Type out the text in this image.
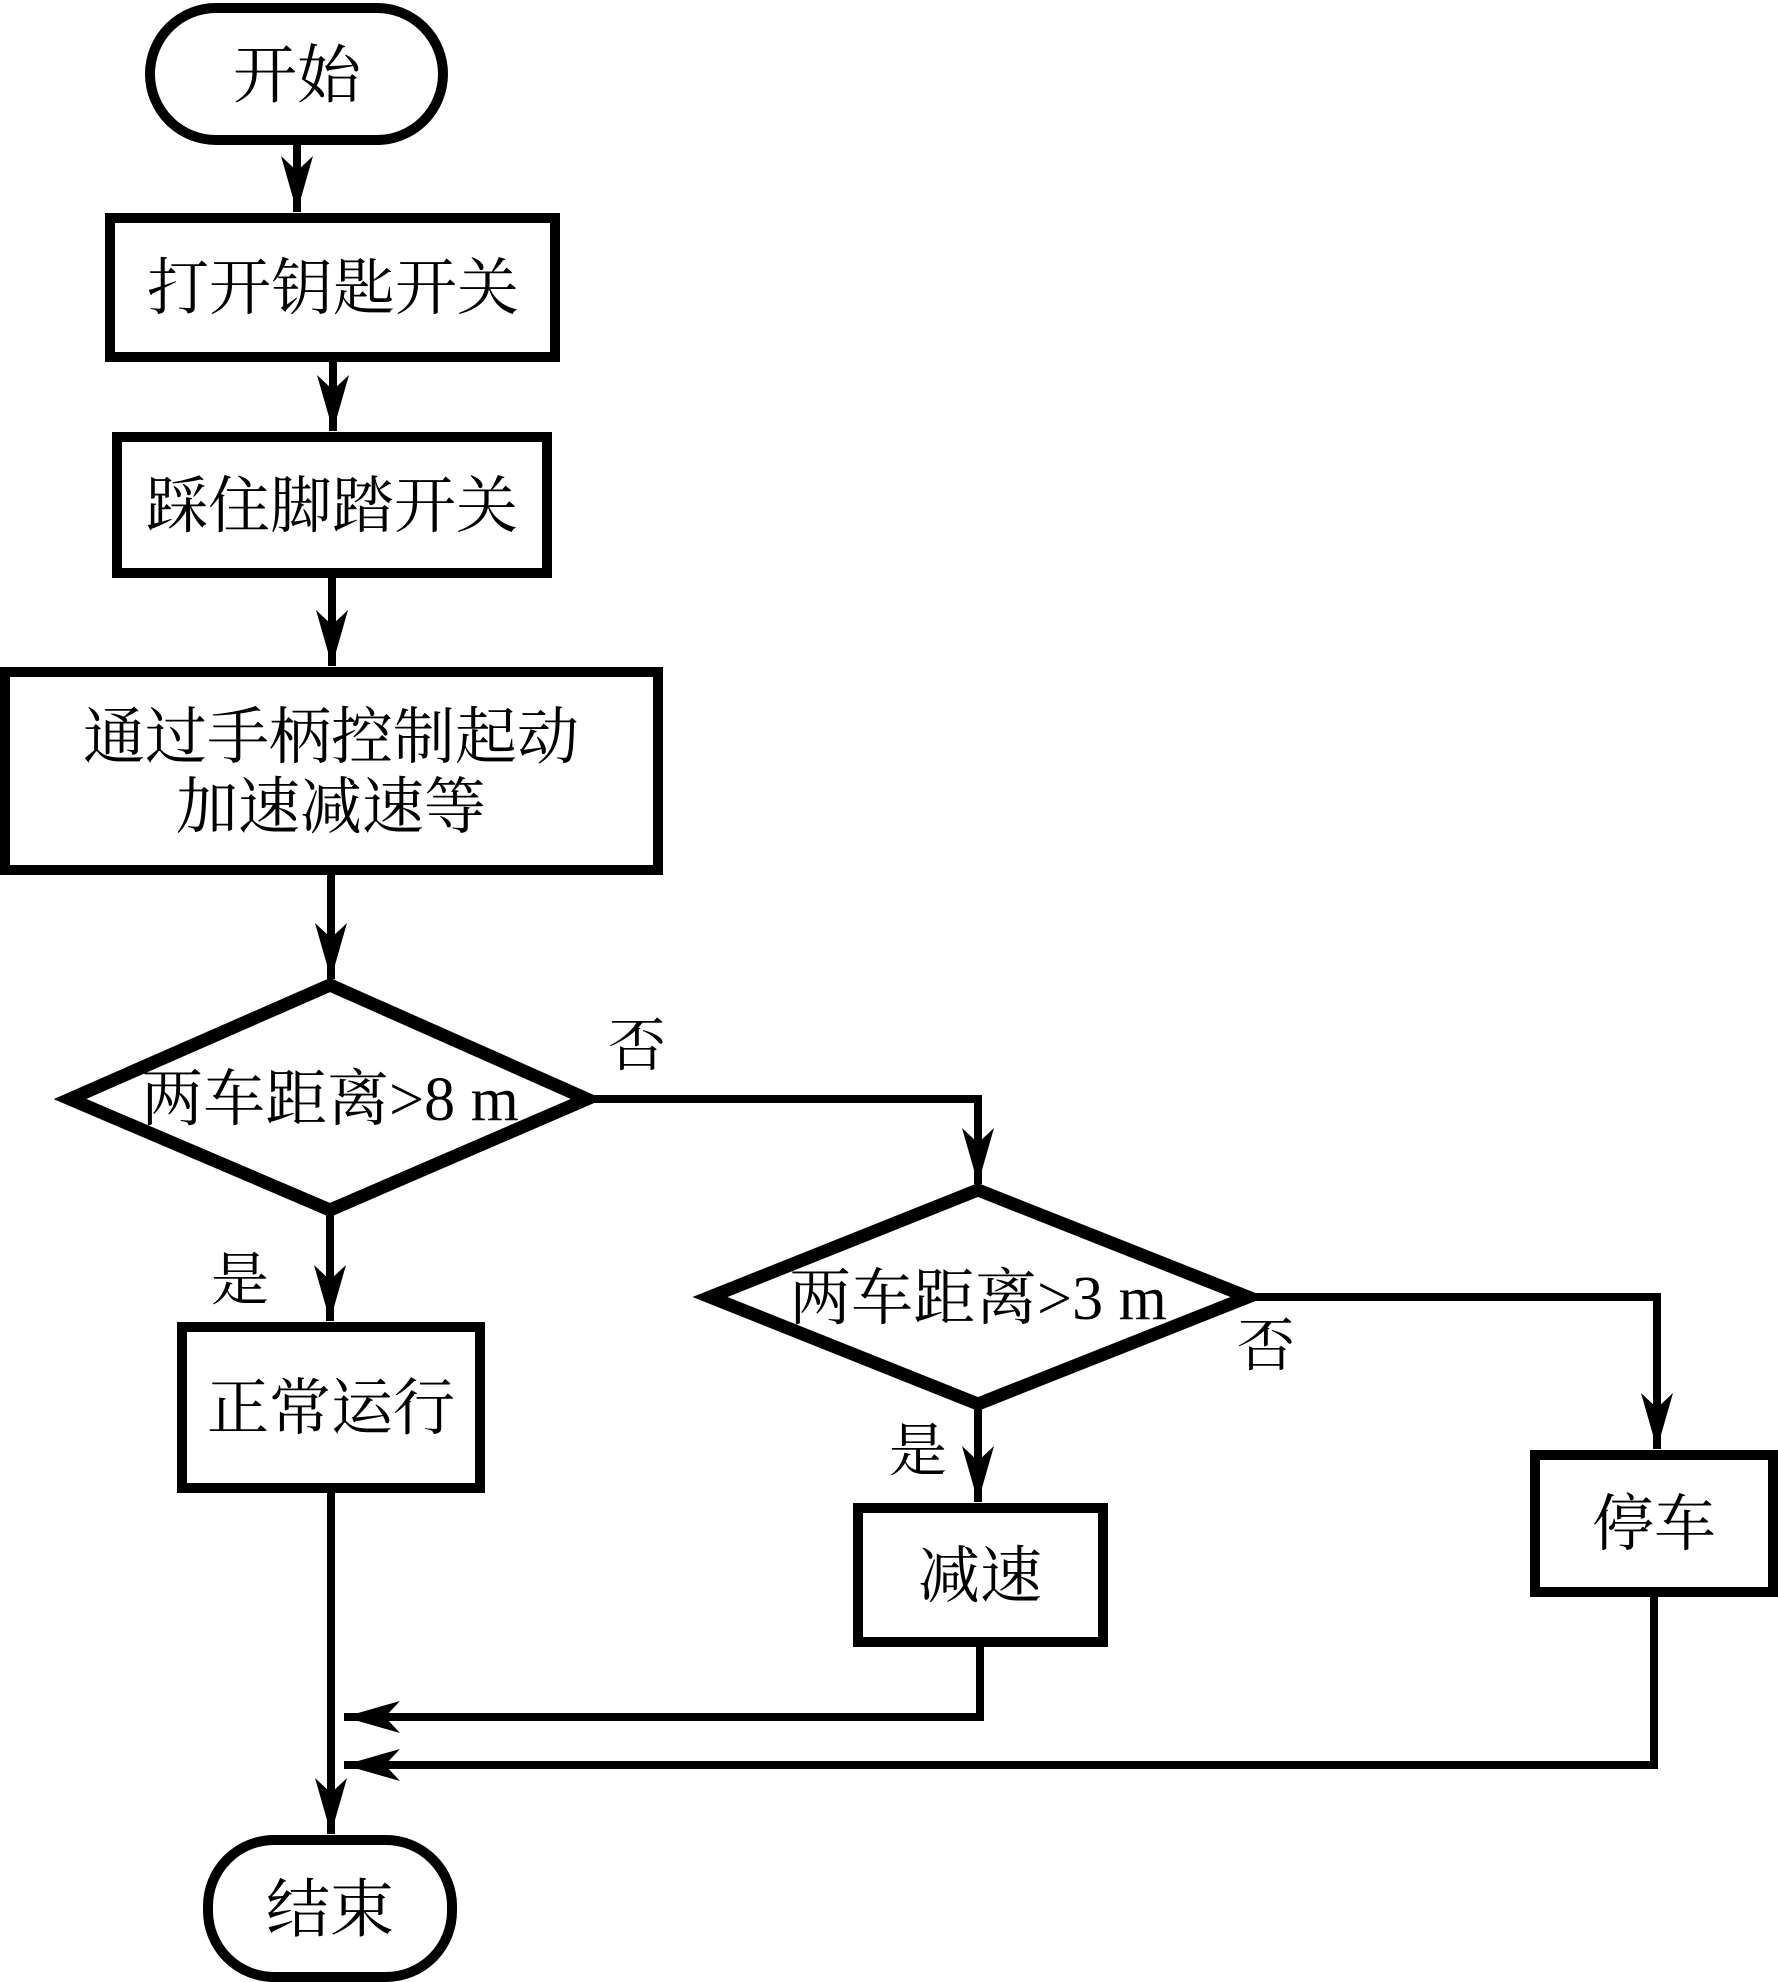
开始
打开钥匙开关
踩住脚踏开关
通过手柄控制起动
加速减速等
两车距离>8 m
是
否
正常运行
两车距离>3 m
是
否
减速
停车
结束
